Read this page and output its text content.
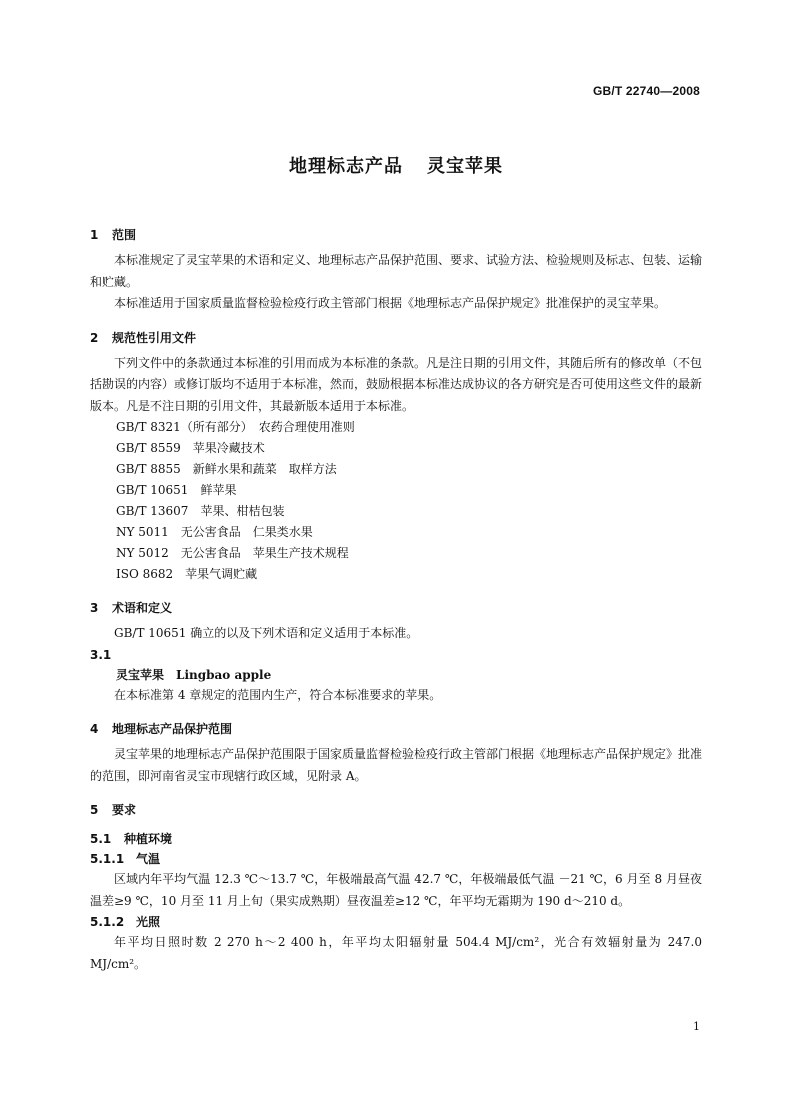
GB/T 22740—2008
地理标志产品 灵宝苹果
1 范围

本标准规定了灵宝苹果的术语和定义、地理标志产品保护范围、要求、试验方法、检验规则及标志、包装、运输和贮藏。

本标准适用于国家质量监督检验检疫行政主管部门根据《地理标志产品保护规定》批准保护的灵宝苹果。

2 规范性引用文件

下列文件中的条款通过本标准的引用而成为本标准的条款。凡是注日期的引用文件，其随后所有的修改单（不包括勘误的内容）或修订版均不适用于本标准，然而，鼓励根据本标准达成协议的各方研究是否可使用这些文件的最新版本。凡是不注日期的引用文件，其最新版本适用于本标准。

GB/T 8321（所有部分）　农药合理使用准则
GB/T 8559　苹果冷藏技术
GB/T 8855　新鲜水果和蔬菜　取样方法
GB/T 10651　鲜苹果
GB/T 13607　苹果、柑桔包装
NY 5011　无公害食品　仁果类水果
NY 5012　无公害食品　苹果生产技术规程
ISO 8682　苹果气调贮藏
3 术语和定义

GB/T 10651 确立的以及下列术语和定义适用于本标准。

3.1
灵宝苹果　Lingbao apple

在本标准第 4 章规定的范围内生产，符合本标准要求的苹果。

4 地理标志产品保护范围

灵宝苹果的地理标志产品保护范围限于国家质量监督检验检疫行政主管部门根据《地理标志产品保护规定》批准的范围，即河南省灵宝市现辖行政区域，见附录 A。

5 要求
5.1 种植环境
5.1.1 气温

区域内年平均气温 12.3 ℃～13.7 ℃，年极端最高气温 42.7 ℃，年极端最低气温 －21 ℃，6 月至 8 月昼夜温差≥9 ℃，10 月至 11 月上旬（果实成熟期）昼夜温差≥12 ℃，年平均无霜期为 190 d～210 d。

5.1.2 光照

年平均日照时数 2 270 h～2 400 h，年平均太阳辐射量 504.4 MJ/cm²，光合有效辐射量为 247.0 MJ/cm²。

1
